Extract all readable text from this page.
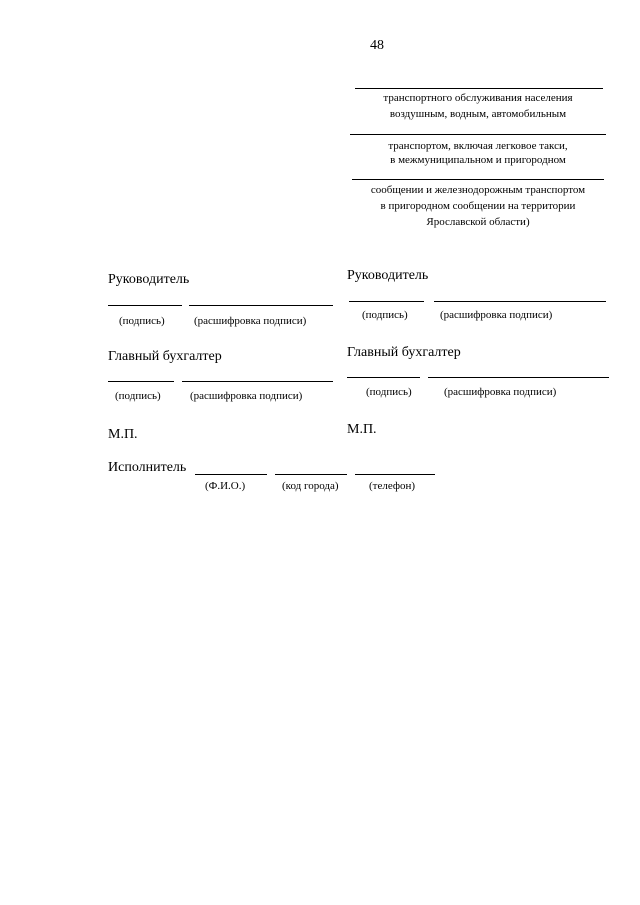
48
транспортного обслуживания населения
воздушным, водным, автомобильным
транспортом, включая легковое такси,
в межмуниципальном и пригородном
сообщении и железнодорожным транспортом
в пригородном сообщении на территории
Ярославской области)
Руководитель
(подпись)	(расшифровка подписи)
Главный бухгалтер
(подпись)	(расшифровка подписи)
М.П.
Руководитель
(подпись)	(расшифровка подписи)
Главный бухгалтер
(подпись)	(расшифровка подписи)
М.П.
Исполнитель
(Ф.И.О.)	(код города)	(телефон)
